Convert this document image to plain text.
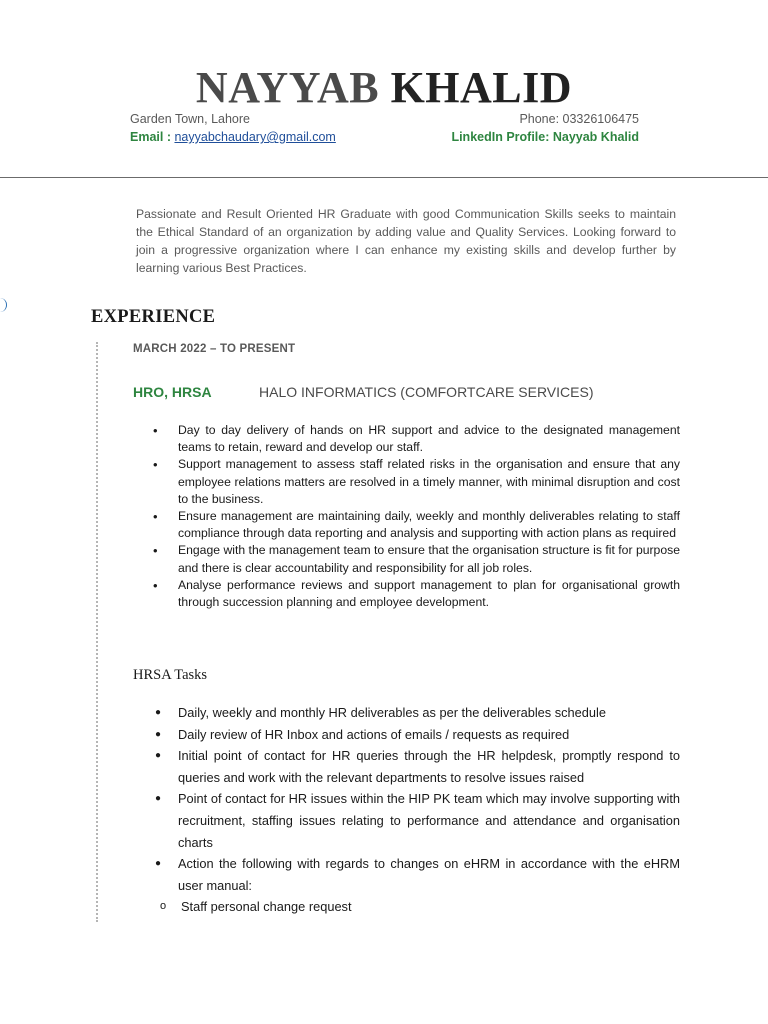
NAYYAB KHALID
Garden Town, Lahore	Phone: 03326106475
Email : nayyabchaudary@gmail.com	LinkedIn Profile: Nayyab Khalid
Passionate and Result Oriented HR Graduate with good Communication Skills seeks to maintain the Ethical Standard of an organization by adding value and Quality Services. Looking forward to join a progressive organization where I can enhance my existing skills and develop further by learning various Best Practices.
EXPERIENCE
MARCH 2022 – TO PRESENT
HRO, HRSA	HALO INFORMATICS (COMFORTCARE SERVICES)
• Day to day delivery of hands on HR support and advice to the designated management teams to retain, reward and develop our staff.
• Support management to assess staff related risks in the organisation and ensure that any employee relations matters are resolved in a timely manner, with minimal disruption and cost to the business.
• Ensure management are maintaining daily, weekly and monthly deliverables relating to staff compliance through data reporting and analysis and supporting with action plans as required
• Engage with the management team to ensure that the organisation structure is fit for purpose and there is clear accountability and responsibility for all job roles.
• Analyse performance reviews and support management to plan for organisational growth through succession planning and employee development.
HRSA Tasks
● Daily, weekly and monthly HR deliverables as per the deliverables schedule
● Daily review of HR Inbox and actions of emails / requests as required
● Initial point of contact for HR queries through the HR helpdesk, promptly respond to queries and work with the relevant departments to resolve issues raised
● Point of contact for HR issues within the HIP PK team which may involve supporting with recruitment, staffing issues relating to performance and attendance and organisation charts
● Action the following with regards to changes on eHRM in accordance with the eHRM user manual:
o Staff personal change request
